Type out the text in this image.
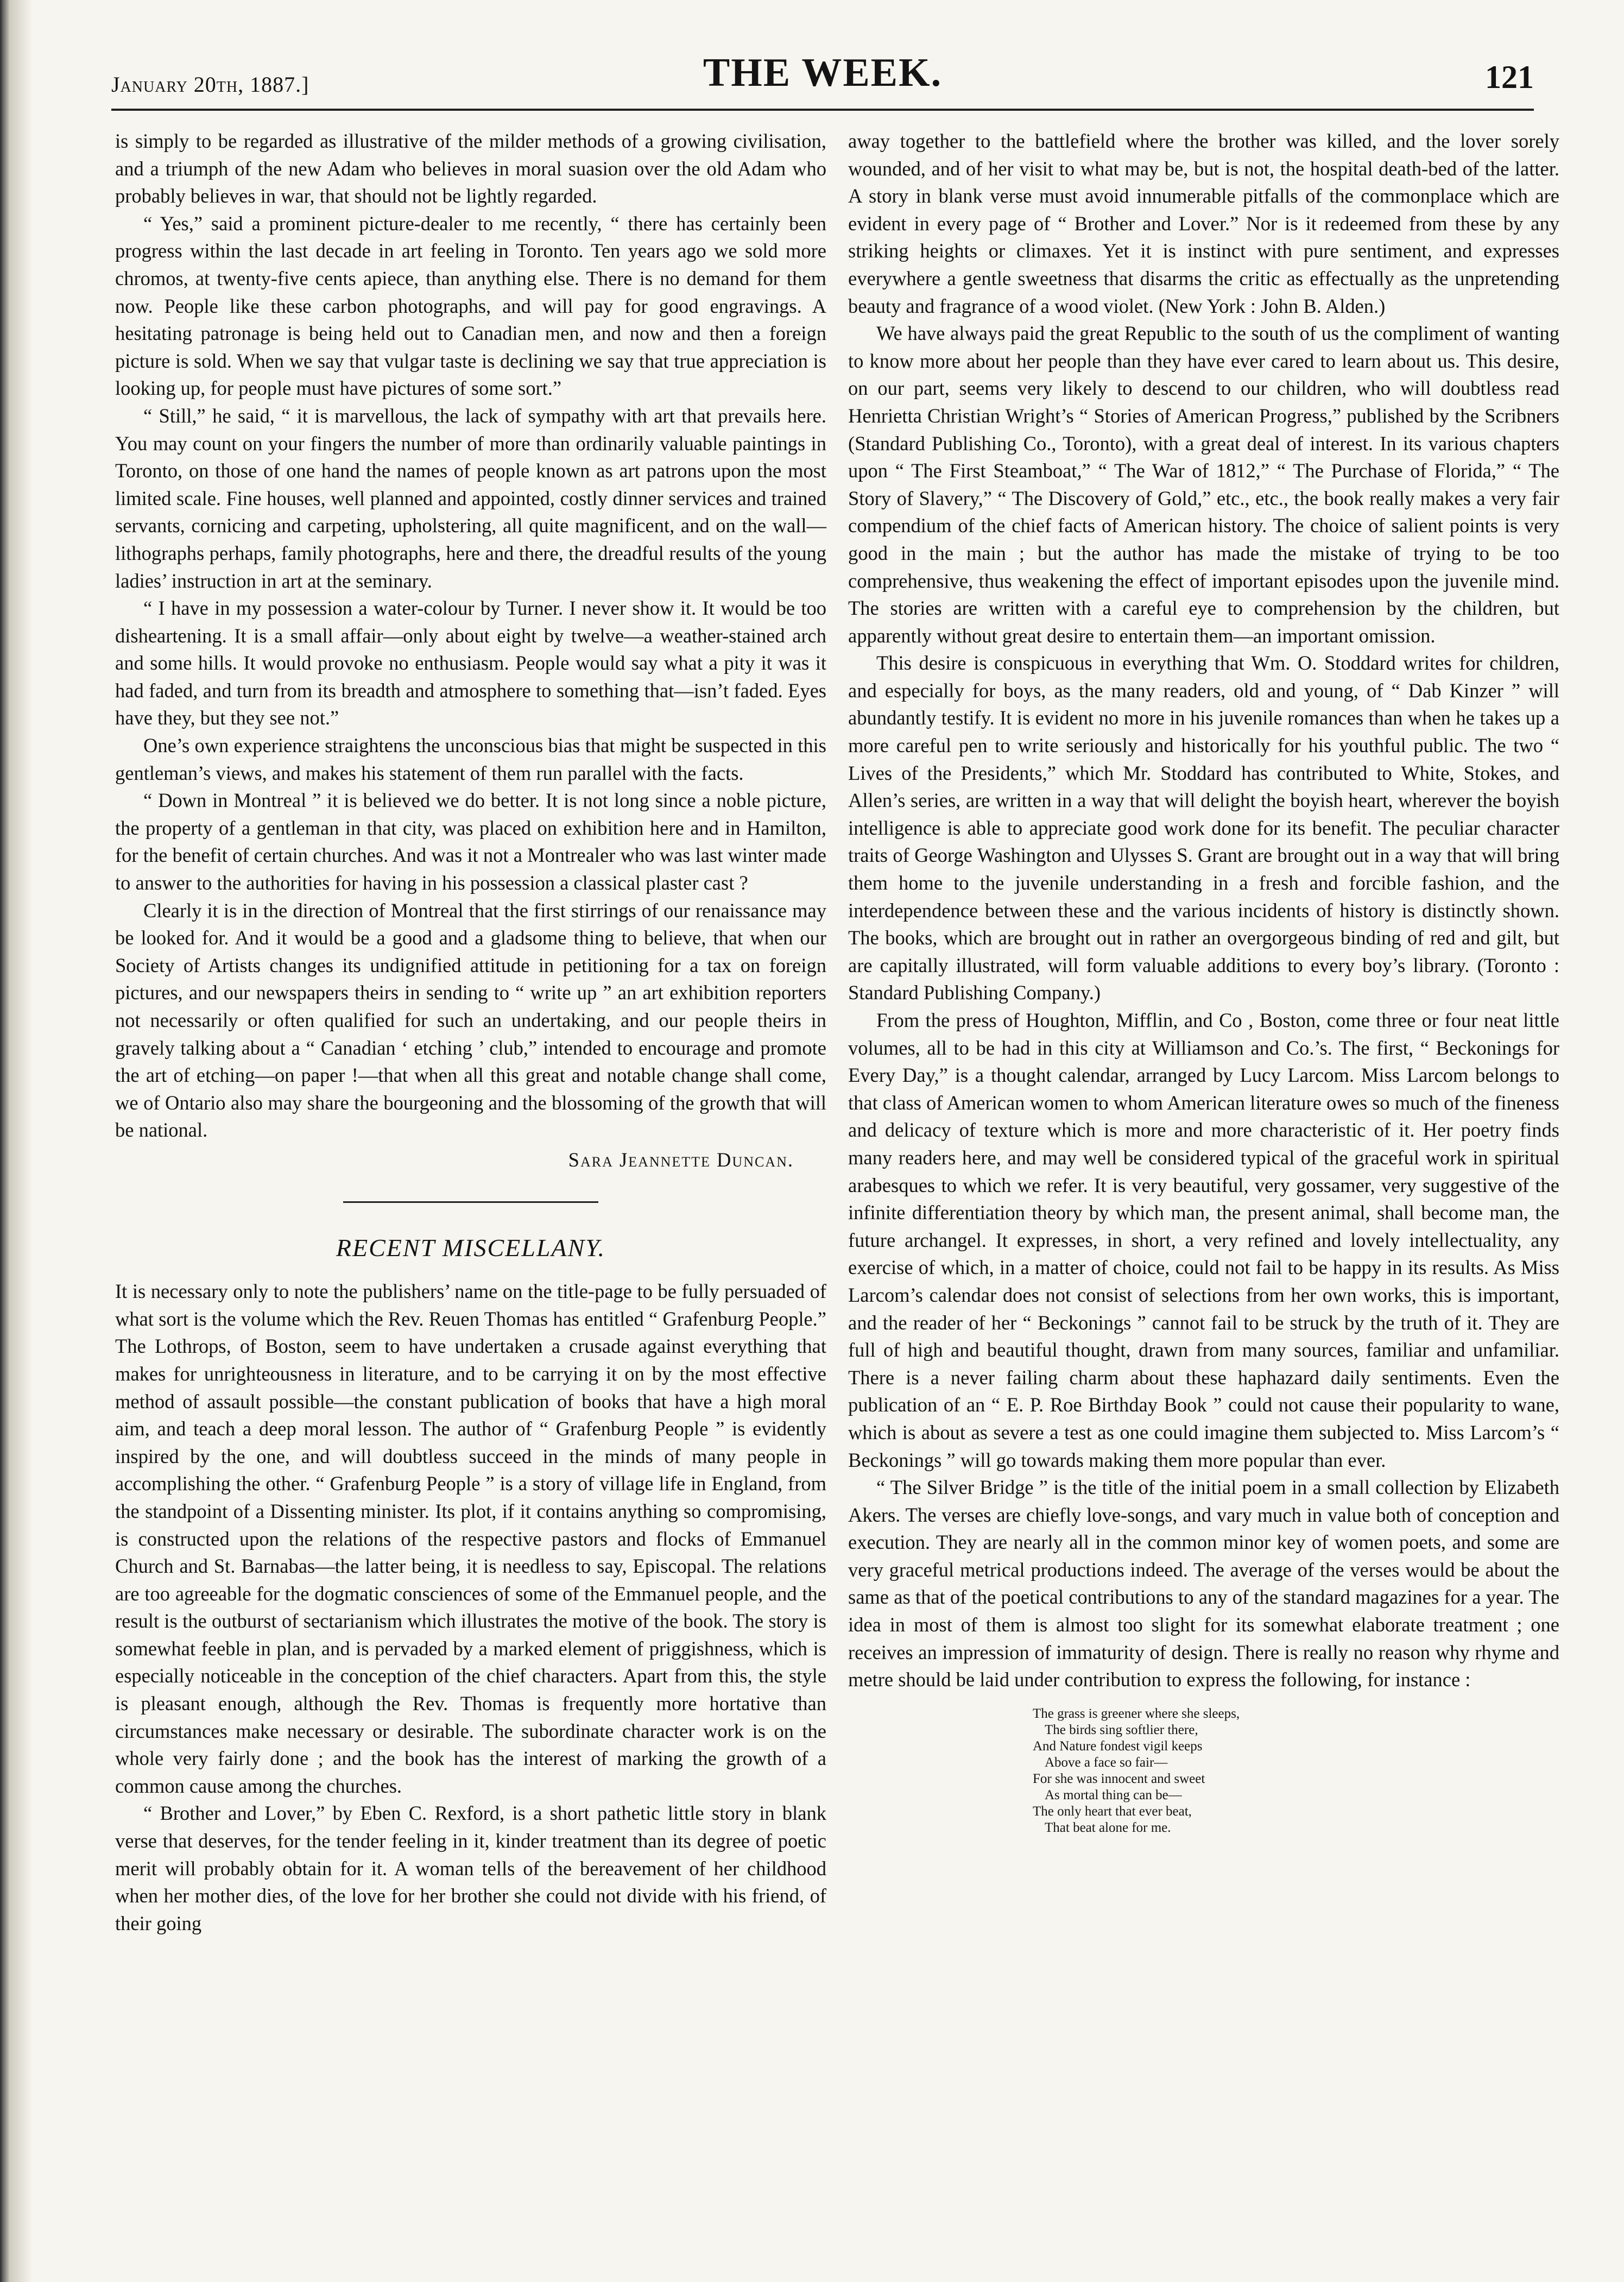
January 20th, 1887.]	THE WEEK.	121

is simply to be regarded as illustrative of the milder methods of a growing civilisation, and a triumph of the new Adam who believes in moral suasion over the old Adam who probably believes in war, that should not be lightly regarded.

“ Yes,” said a prominent picture-dealer to me recently, “ there has certainly been progress within the last decade in art feeling in Toronto. Ten years ago we sold more chromos, at twenty-five cents apiece, than anything else. There is no demand for them now. People like these carbon photographs, and will pay for good engravings. A hesitating patronage is being held out to Canadian men, and now and then a foreign picture is sold. When we say that vulgar taste is declining we say that true appreciation is looking up, for people must have pictures of some sort.”

“ Still,” he said, “ it is marvellous, the lack of sympathy with art that prevails here. You may count on your fingers the number of more than ordinarily valuable paintings in Toronto, on those of one hand the names of people known as art patrons upon the most limited scale. Fine houses, well planned and appointed, costly dinner services and trained servants, cornicing and carpeting, upholstering, all quite magnificent, and on the wall—lithographs perhaps, family photographs, here and there, the dreadful results of the young ladies’ instruction in art at the seminary.

“ I have in my possession a water-colour by Turner. I never show it. It would be too disheartening. It is a small affair—only about eight by twelve—a weather-stained arch and some hills. It would provoke no enthusiasm. People would say what a pity it was it had faded, and turn from its breadth and atmosphere to something that—isn’t faded. Eyes have they, but they see not.”

One’s own experience straightens the unconscious bias that might be suspected in this gentleman’s views, and makes his statement of them run parallel with the facts.

“ Down in Montreal ” it is believed we do better. It is not long since a noble picture, the property of a gentleman in that city, was placed on exhibition here and in Hamilton, for the benefit of certain churches. And was it not a Montrealer who was last winter made to answer to the authorities for having in his possession a classical plaster cast ?

Clearly it is in the direction of Montreal that the first stirrings of our renaissance may be looked for. And it would be a good and a gladsome thing to believe, that when our Society of Artists changes its undignified attitude in petitioning for a tax on foreign pictures, and our newspapers theirs in sending to “ write up ” an art exhibition reporters not necessarily or often qualified for such an undertaking, and our people theirs in gravely talking about a “ Canadian ‘ etching ’ club,” intended to encourage and promote the art of etching—on paper !—that when all this great and notable change shall come, we of Ontario also may share the bourgeoning and the blossoming of the growth that will be national.

Sara Jeannette Duncan.
RECENT MISCELLANY.

It is necessary only to note the publishers’ name on the title-page to be fully persuaded of what sort is the volume which the Rev. Reuen Thomas has entitled “ Grafenburg People.” The Lothrops, of Boston, seem to have undertaken a crusade against everything that makes for unrighteousness in literature, and to be carrying it on by the most effective method of assault possible—the constant publication of books that have a high moral aim, and teach a deep moral lesson. The author of “ Grafenburg People ” is evidently inspired by the one, and will doubtless succeed in the minds of many people in accomplishing the other. “ Grafenburg People ” is a story of village life in England, from the standpoint of a Dissenting minister. Its plot, if it contains anything so compromising, is constructed upon the relations of the respective pastors and flocks of Emmanuel Church and St. Barnabas—the latter being, it is needless to say, Episcopal. The relations are too agreeable for the dogmatic consciences of some of the Emmanuel people, and the result is the outburst of sectarianism which illustrates the motive of the book. The story is somewhat feeble in plan, and is pervaded by a marked element of priggishness, which is especially noticeable in the conception of the chief characters. Apart from this, the style is pleasant enough, although the Rev. Thomas is frequently more hortative than circumstances make necessary or desirable. The subordinate character work is on the whole very fairly done ; and the book has the interest of marking the growth of a common cause among the churches.

“ Brother and Lover,” by Eben C. Rexford, is a short pathetic little story in blank verse that deserves, for the tender feeling in it, kinder treatment than its degree of poetic merit will probably obtain for it. A woman tells of the bereavement of her childhood when her mother dies, of the love for her brother she could not divide with his friend, of their going

away together to the battlefield where the brother was killed, and the lover sorely wounded, and of her visit to what may be, but is not, the hospital death-bed of the latter. A story in blank verse must avoid innumerable pitfalls of the commonplace which are evident in every page of “ Brother and Lover.” Nor is it redeemed from these by any striking heights or climaxes. Yet it is instinct with pure sentiment, and expresses everywhere a gentle sweetness that disarms the critic as effectually as the unpretending beauty and fragrance of a wood violet. (New York : John B. Alden.)

We have always paid the great Republic to the south of us the compliment of wanting to know more about her people than they have ever cared to learn about us. This desire, on our part, seems very likely to descend to our children, who will doubtless read Henrietta Christian Wright’s “ Stories of American Progress,” published by the Scribners (Standard Publishing Co., Toronto), with a great deal of interest. In its various chapters upon “ The First Steamboat,” “ The War of 1812,” “ The Purchase of Florida,” “ The Story of Slavery,” “ The Discovery of Gold,” etc., etc., the book really makes a very fair compendium of the chief facts of American history. The choice of salient points is very good in the main ; but the author has made the mistake of trying to be too comprehensive, thus weakening the effect of important episodes upon the juvenile mind. The stories are written with a careful eye to comprehension by the children, but apparently without great desire to entertain them—an important omission.

This desire is conspicuous in everything that Wm. O. Stoddard writes for children, and especially for boys, as the many readers, old and young, of “ Dab Kinzer ” will abundantly testify. It is evident no more in his juvenile romances than when he takes up a more careful pen to write seriously and historically for his youthful public. The two “ Lives of the Presidents,” which Mr. Stoddard has contributed to White, Stokes, and Allen’s series, are written in a way that will delight the boyish heart, wherever the boyish intelligence is able to appreciate good work done for its benefit. The peculiar character traits of George Washington and Ulysses S. Grant are brought out in a way that will bring them home to the juvenile understanding in a fresh and forcible fashion, and the interdependence between these and the various incidents of history is distinctly shown. The books, which are brought out in rather an overgorgeous binding of red and gilt, but are capitally illustrated, will form valuable additions to every boy’s library. (Toronto : Standard Publishing Company.)

From the press of Houghton, Mifflin, and Co , Boston, come three or four neat little volumes, all to be had in this city at Williamson and Co.’s. The first, “ Beckonings for Every Day,” is a thought calendar, arranged by Lucy Larcom. Miss Larcom belongs to that class of American women to whom American literature owes so much of the fineness and delicacy of texture which is more and more characteristic of it. Her poetry finds many readers here, and may well be considered typical of the graceful work in spiritual arabesques to which we refer. It is very beautiful, very gossamer, very suggestive of the infinite differentiation theory by which man, the present animal, shall become man, the future archangel. It expresses, in short, a very refined and lovely intellectuality, any exercise of which, in a matter of choice, could not fail to be happy in its results. As Miss Larcom’s calendar does not consist of selections from her own works, this is important, and the reader of her “ Beckonings ” cannot fail to be struck by the truth of it. They are full of high and beautiful thought, drawn from many sources, familiar and unfamiliar. There is a never failing charm about these haphazard daily sentiments. Even the publication of an “ E. P. Roe Birthday Book ” could not cause their popularity to wane, which is about as severe a test as one could imagine them subjected to. Miss Larcom’s “ Beckonings ” will go towards making them more popular than ever.

“ The Silver Bridge ” is the title of the initial poem in a small collection by Elizabeth Akers. The verses are chiefly love-songs, and vary much in value both of conception and execution. They are nearly all in the common minor key of women poets, and some are very graceful metrical productions indeed. The average of the verses would be about the same as that of the poetical contributions to any of the standard magazines for a year. The idea in most of them is almost too slight for its somewhat elaborate treatment ; one receives an impression of immaturity of design. There is really no reason why rhyme and metre should be laid under contribution to express the following, for instance :

The grass is greener where she sleeps,
The birds sing softlier there,
And Nature fondest vigil keeps
Above a face so fair—
For she was innocent and sweet
As mortal thing can be—
The only heart that ever beat,
That beat alone for me.
